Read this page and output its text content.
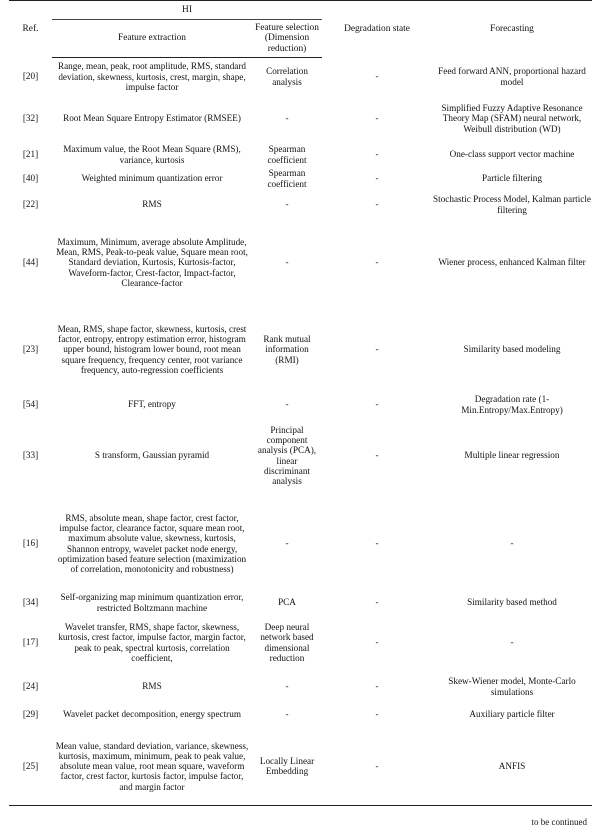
Ref.	HI		Degradation state	Forecasting
	Feature extraction	Feature selection (Dimension reduction)		
[20]	Range, mean, peak, root amplitude, RMS, standard deviation, skewness, kurtosis, crest, margin, shape, impulse factor	Correlation analysis	-	Feed forward ANN, proportional hazard model
[32]	Root Mean Square Entropy Estimator (RMSEE)	-	-	Simplified Fuzzy Adaptive Resonance Theory Map (SFAM) neural network, Weibull distribution (WD)
[21]	Maximum value, the Root Mean Square (RMS), variance, kurtosis	Spearman coefficient	-	One-class support vector machine
[40]	Weighted minimum quantization error	Spearman coefficient	-	Particle filtering
[22]	RMS	-	-	Stochastic Process Model, Kalman particle filtering
[44]	Maximum, Minimum, average absolute Amplitude, Mean, RMS, Peak-to-peak value, Square mean root, Standard deviation, Kurtosis, Kurtosis-factor, Waveform-factor, Crest-factor, Impact-factor, Clearance-factor	-	-	Wiener process, enhanced Kalman filter
[23]	Mean, RMS, shape factor, skewness, kurtosis, crest factor, entropy, entropy estimation error, histogram upper bound, histogram lower bound, root mean square frequency, frequency center, root variance frequency, auto-regression coefficients	Rank mutual information (RMI)	-	Similarity based modeling
[54]	FFT, entropy	-	-	Degradation rate (1-Min.Entropy/Max.Entropy)
[33]	S transform, Gaussian pyramid	Principal component analysis (PCA), linear discriminant analysis	-	Multiple linear regression
[16]	RMS, absolute mean, shape factor, crest factor, impulse factor, clearance factor, square mean root, maximum absolute value, skewness, kurtosis, Shannon entropy, wavelet packet node energy, optimization based feature selection (maximization of correlation, monotonicity and robustness)	-	-	-
[34]	Self-organizing map minimum quantization error, restricted Boltzmann machine	PCA	-	Similarity based method
[17]	Wavelet transfer, RMS, shape factor, skewness, kurtosis, crest factor, impulse factor, margin factor, peak to peak, spectral kurtosis, correlation coefficient,	Deep neural network based dimensional reduction	-	-
[24]	RMS	-	-	Skew-Wiener model, Monte-Carlo simulations
[29]	Wavelet packet decomposition, energy spectrum	-	-	Auxiliary particle filter
[25]	Mean value, standard deviation, variance, skewness, kurtosis, maximum, minimum, peak to peak value, absolute mean value, root mean square, waveform factor, crest factor, kurtosis factor, impulse factor, and margin factor	Locally Linear Embedding	-	ANFIS
to be continued
